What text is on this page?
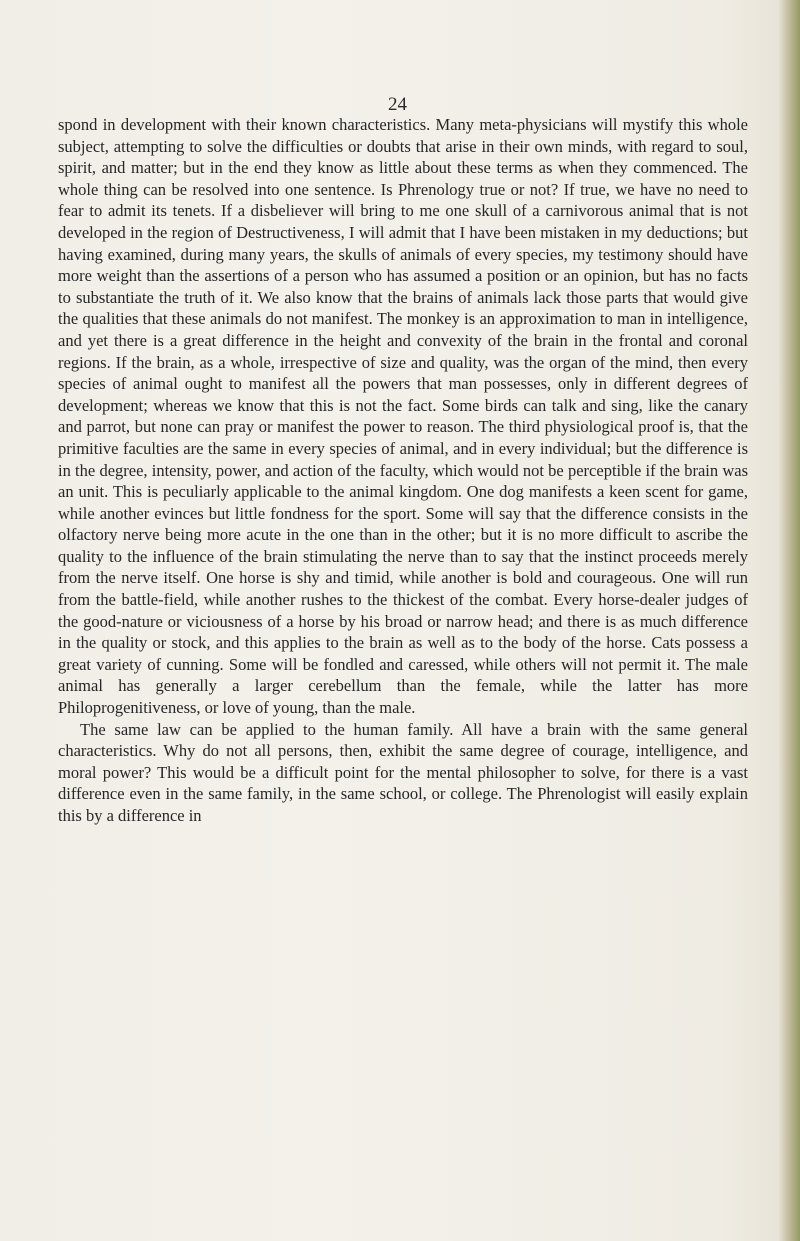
24

spond in development with their known characteristics. Many meta-physicians will mystify this whole subject, attempting to solve the difficulties or doubts that arise in their own minds, with regard to soul, spirit, and matter; but in the end they know as little about these terms as when they commenced. The whole thing can be resolved into one sentence. Is Phrenology true or not? If true, we have no need to fear to admit its tenets. If a disbeliever will bring to me one skull of a carnivorous animal that is not developed in the region of Destructiveness, I will admit that I have been mistaken in my deductions; but having examined, during many years, the skulls of animals of every species, my testimony should have more weight than the assertions of a person who has assumed a position or an opinion, but has no facts to substantiate the truth of it. We also know that the brains of animals lack those parts that would give the qualities that these animals do not manifest. The monkey is an approximation to man in intelligence, and yet there is a great difference in the height and convexity of the brain in the frontal and coronal regions. If the brain, as a whole, irrespective of size and quality, was the organ of the mind, then every species of animal ought to manifest all the powers that man possesses, only in different degrees of development; whereas we know that this is not the fact. Some birds can talk and sing, like the canary and parrot, but none can pray or manifest the power to reason. The third physiological proof is, that the primitive faculties are the same in every species of animal, and in every individual; but the difference is in the degree, intensity, power, and action of the faculty, which would not be perceptible if the brain was an unit. This is peculiarly applicable to the animal kingdom. One dog manifests a keen scent for game, while another evinces but little fondness for the sport. Some will say that the difference consists in the olfactory nerve being more acute in the one than in the other; but it is no more difficult to ascribe the quality to the influence of the brain stimulating the nerve than to say that the instinct proceeds merely from the nerve itself. One horse is shy and timid, while another is bold and courageous. One will run from the battle-field, while another rushes to the thickest of the combat. Every horse-dealer judges of the good-nature or viciousness of a horse by his broad or narrow head; and there is as much difference in the quality or stock, and this applies to the brain as well as to the body of the horse. Cats possess a great variety of cunning. Some will be fondled and caressed, while others will not permit it. The male animal has generally a larger cerebellum than the female, while the latter has more Philoprogenitiveness, or love of young, than the male.

The same law can be applied to the human family. All have a brain with the same general characteristics. Why do not all persons, then, exhibit the same degree of courage, intelligence, and moral power? This would be a difficult point for the mental philosopher to solve, for there is a vast difference even in the same family, in the same school, or college. The Phrenologist will easily explain this by a difference in
